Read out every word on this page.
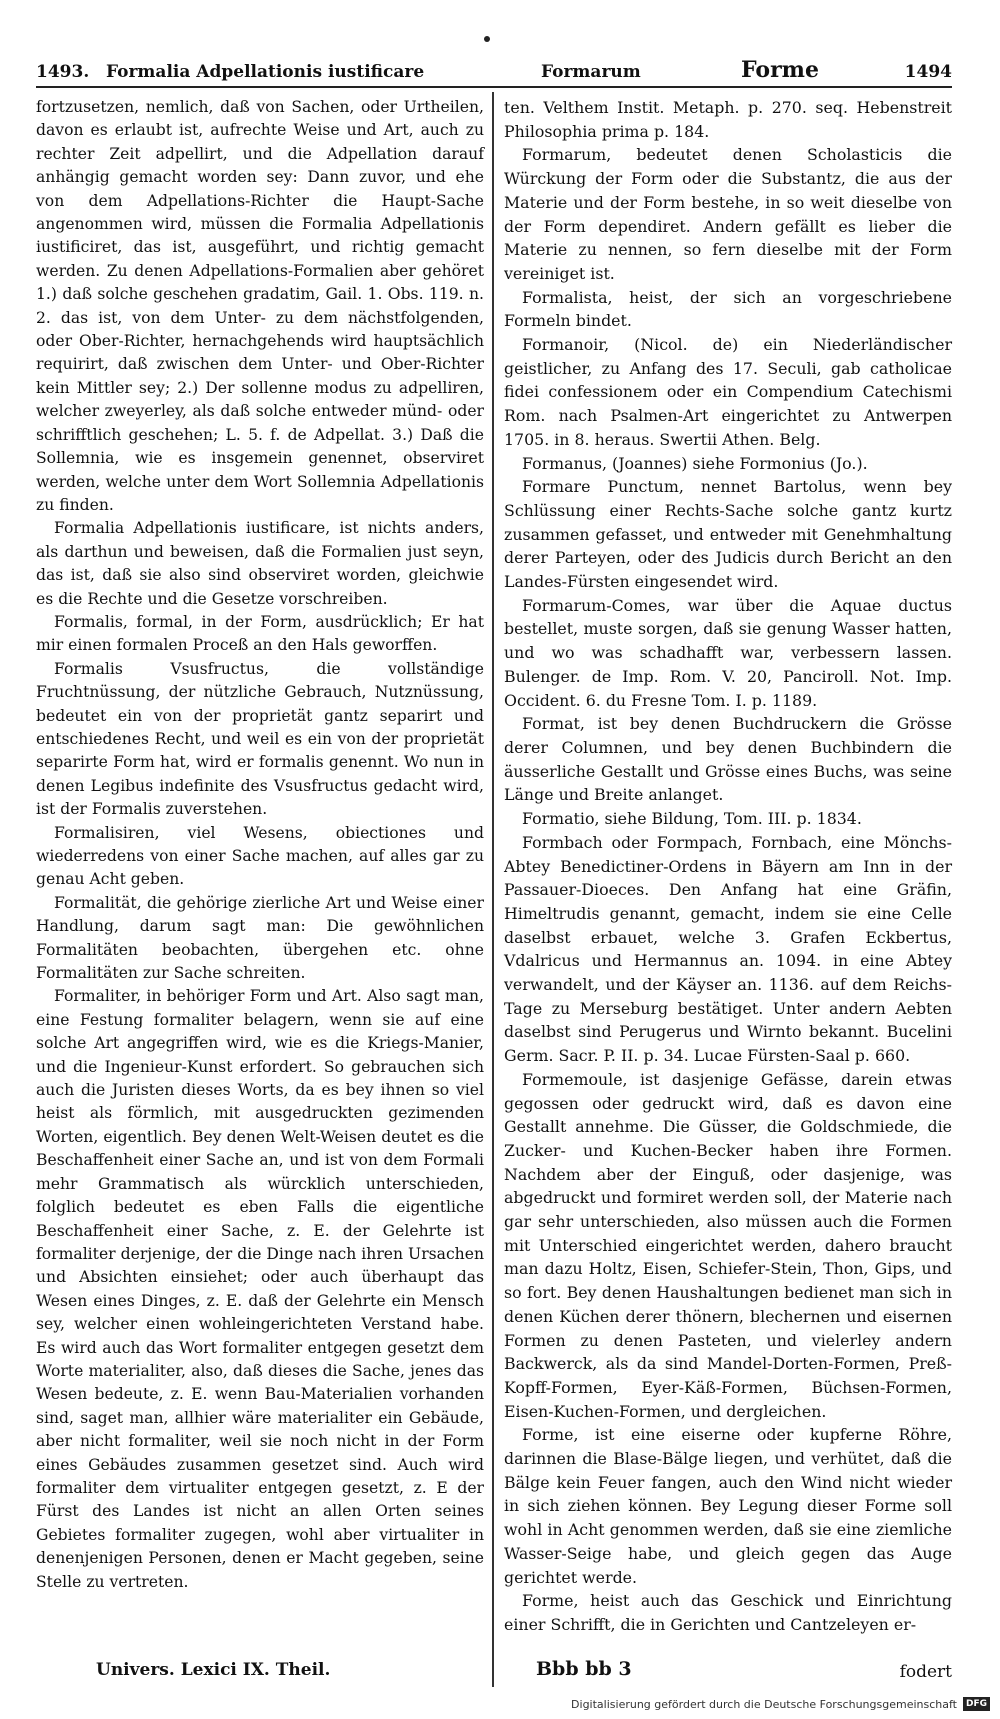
1493. Formalia Adpellationis iustificare	Formarum	Forme	1494

fortzusetzen, nemlich, daß von Sachen, oder Urtheilen, davon es erlaubt ist, aufrechte Weise und Art, auch zu rechter Zeit adpellirt, und die Adpellation darauf anhängig gemacht worden sey: Dann zuvor, und ehe von dem Adpellations-Richter die Haupt-Sache angenommen wird, müssen die Formalia Adpellationis iustificiret, das ist, ausgeführt, und richtig gemacht werden. Zu denen Adpellations-Formalien aber gehöret 1.) daß solche geschehen gradatim, Gail. 1. Obs. 119. n. 2. das ist, von dem Unter- zu dem nächstfolgenden, oder Ober-Richter, hernachgehends wird hauptsächlich requirirt, daß zwischen dem Unter- und Ober-Richter kein Mittler sey; 2.) Der sollenne modus zu adpelliren, welcher zweyerley, als daß solche entweder münd- oder schrifftlich geschehen; L. 5. f. de Adpellat. 3.) Daß die Sollemnia, wie es insgemein genennet, observiret werden, welche unter dem Wort Sollemnia Adpellationis zu finden.

Formalia Adpellationis iustificare, ist nichts anders, als darthun und beweisen, daß die Formalien just seyn, das ist, daß sie also sind observiret worden, gleichwie es die Rechte und die Gesetze vorschreiben.

Formalis, formal, in der Form, ausdrücklich; Er hat mir einen formalen Proceß an den Hals geworffen.

Formalis Vsusfructus, die vollständige Fruchtnüssung, der nützliche Gebrauch, Nutznüssung, bedeutet ein von der proprietät gantz separirt und entschiedenes Recht, und weil es ein von der proprietät separirte Form hat, wird er formalis genennt. Wo nun in denen Legibus indefinite des Vsusfructus gedacht wird, ist der Formalis zuverstehen.

Formalisiren, viel Wesens, obiectiones und wiederredens von einer Sache machen, auf alles gar zu genau Acht geben.

Formalität, die gehörige zierliche Art und Weise einer Handlung, darum sagt man: Die gewöhnlichen Formalitäten beobachten, übergehen etc. ohne Formalitäten zur Sache schreiten.

Formaliter, in behöriger Form und Art. Also sagt man, eine Festung formaliter belagern, wenn sie auf eine solche Art angegriffen wird, wie es die Kriegs-Manier, und die Ingenieur-Kunst erfordert. So gebrauchen sich auch die Juristen dieses Worts, da es bey ihnen so viel heist als förmlich, mit ausgedruckten gezimenden Worten, eigentlich. Bey denen Welt-Weisen deutet es die Beschaffenheit einer Sache an, und ist von dem Formali mehr Grammatisch als würcklich unterschieden, folglich bedeutet es eben Falls die eigentliche Beschaffenheit einer Sache, z. E. der Gelehrte ist formaliter derjenige, der die Dinge nach ihren Ursachen und Absichten einsiehet; oder auch überhaupt das Wesen eines Dinges, z. E. daß der Gelehrte ein Mensch sey, welcher einen wohleingerichteten Verstand habe. Es wird auch das Wort formaliter entgegen gesetzt dem Worte materialiter, also, daß dieses die Sache, jenes das Wesen bedeute, z. E. wenn Bau-Materialien vorhanden sind, saget man, allhier wäre materialiter ein Gebäude, aber nicht formaliter, weil sie noch nicht in der Form eines Gebäudes zusammen gesetzet sind. Auch wird formaliter dem virtualiter entgegen gesetzt, z. E der Fürst des Landes ist nicht an allen Orten seines Gebietes formaliter zugegen, wohl aber virtualiter in denenjenigen Personen, denen er Macht gegeben, seine Stelle zu vertreten.

ten. Velthem Instit. Metaph. p. 270. seq. Hebenstreit Philosophia prima p. 184.

Formarum, bedeutet denen Scholasticis die Würckung der Form oder die Substantz, die aus der Materie und der Form bestehe, in so weit dieselbe von der Form dependiret. Andern gefällt es lieber die Materie zu nennen, so fern dieselbe mit der Form vereiniget ist.

Formalista, heist, der sich an vorgeschriebene Formeln bindet.

Formanoir, (Nicol. de) ein Niederländischer geistlicher, zu Anfang des 17. Seculi, gab catholicae fidei confessionem oder ein Compendium Catechismi Rom. nach Psalmen-Art eingerichtet zu Antwerpen 1705. in 8. heraus. Swertii Athen. Belg.

Formanus, (Joannes) siehe Formonius (Jo.).

Formare Punctum, nennet Bartolus, wenn bey Schlüssung einer Rechts-Sache solche gantz kurtz zusammen gefasset, und entweder mit Genehmhaltung derer Parteyen, oder des Judicis durch Bericht an den Landes-Fürsten eingesendet wird.

Formarum-Comes, war über die Aquae ductus bestellet, muste sorgen, daß sie genung Wasser hatten, und wo was schadhafft war, verbessern lassen. Bulenger. de Imp. Rom. V. 20, Panciroll. Not. Imp. Occident. 6. du Fresne Tom. I. p. 1189.

Format, ist bey denen Buchdruckern die Grösse derer Columnen, und bey denen Buchbindern die äusserliche Gestallt und Grösse eines Buchs, was seine Länge und Breite anlanget.

Formatio, siehe Bildung, Tom. III. p. 1834.

Formbach oder Formpach, Fornbach, eine Mönchs-Abtey Benedictiner-Ordens in Bäyern am Inn in der Passauer-Dioeces. Den Anfang hat eine Gräfin, Himeltrudis genannt, gemacht, indem sie eine Celle daselbst erbauet, welche 3. Grafen Eckbertus, Vdalricus und Hermannus an. 1094. in eine Abtey verwandelt, und der Käyser an. 1136. auf dem Reichs-Tage zu Merseburg bestätiget. Unter andern Aebten daselbst sind Perugerus und Wirnto bekannt. Bucelini Germ. Sacr. P. II. p. 34. Lucae Fürsten-Saal p. 660.

Formemoule, ist dasjenige Gefässe, darein etwas gegossen oder gedruckt wird, daß es davon eine Gestallt annehme. Die Güsser, die Goldschmiede, die Zucker- und Kuchen-Becker haben ihre Formen. Nachdem aber der Einguß, oder dasjenige, was abgedruckt und formiret werden soll, der Materie nach gar sehr unterschieden, also müssen auch die Formen mit Unterschied eingerichtet werden, dahero braucht man dazu Holtz, Eisen, Schiefer-Stein, Thon, Gips, und so fort. Bey denen Haushaltungen bedienet man sich in denen Küchen derer thönern, blechernen und eisernen Formen zu denen Pasteten, und vielerley andern Backwerck, als da sind Mandel-Dorten-Formen, Preß-Kopff-Formen, Eyer-Käß-Formen, Büchsen-Formen, Eisen-Kuchen-Formen, und dergleichen.

Forme, ist eine eiserne oder kupferne Röhre, darinnen die Blase-Bälge liegen, und verhütet, daß die Bälge kein Feuer fangen, auch den Wind nicht wieder in sich ziehen können. Bey Legung dieser Forme soll wohl in Acht genommen werden, daß sie eine ziemliche Wasser-Seige habe, und gleich gegen das Auge gerichtet werde.

Forme, heist auch das Geschick und Einrichtung einer Schrifft, die in Gerichten und Cantzeleyen er-

Univers. Lexici IX. Theil.	Bbb bb 3	fodert
Digitalisierung gefördert durch die Deutsche Forschungsgemeinschaft	DFG
